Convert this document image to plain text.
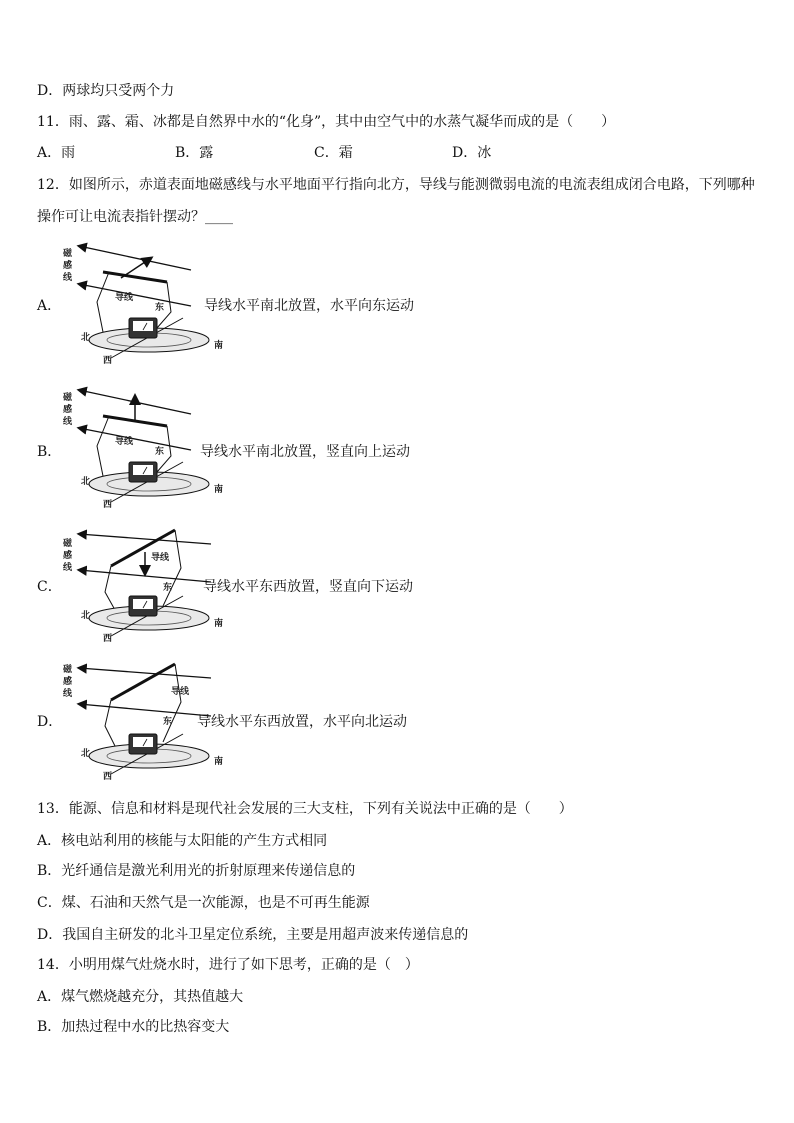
D．两球均只受两个力
11．雨、露、霜、冰都是自然界中水的“化身”，其中由空气中的水蒸气凝华而成的是（　　）
A．雨	B．露	C．霜	D．冰
12．如图所示，赤道表面地磁感线与水平地面平行指向北方，导线与能测微弱电流的电流表组成闭合电路，下列哪种
操作可让电流表指针摆动？____
A．
磁
感
线
导线
东
北
南
西
导线水平南北放置，水平向东运动
B．
磁
感
线
导线
东
北
南
西
导线水平南北放置，竖直向上运动
C．
磁
感
线
导线
东
北
南
西
导线水平东西放置，竖直向下运动
D．
磁
感
线	导线
东
北
南
西
导线水平东西放置，水平向北运动
13．能源、信息和材料是现代社会发展的三大支柱，下列有关说法中正确的是（　　）
A．核电站利用的核能与太阳能的产生方式相同
B．光纤通信是激光利用光的折射原理来传递信息的
C．煤、石油和天然气是一次能源，也是不可再生能源
D．我国自主研发的北斗卫星定位系统，主要是用超声波来传递信息的
14．小明用煤气灶烧水时，进行了如下思考，正确的是（　）
A．煤气燃烧越充分，其热值越大
B．加热过程中水的比热容变大
